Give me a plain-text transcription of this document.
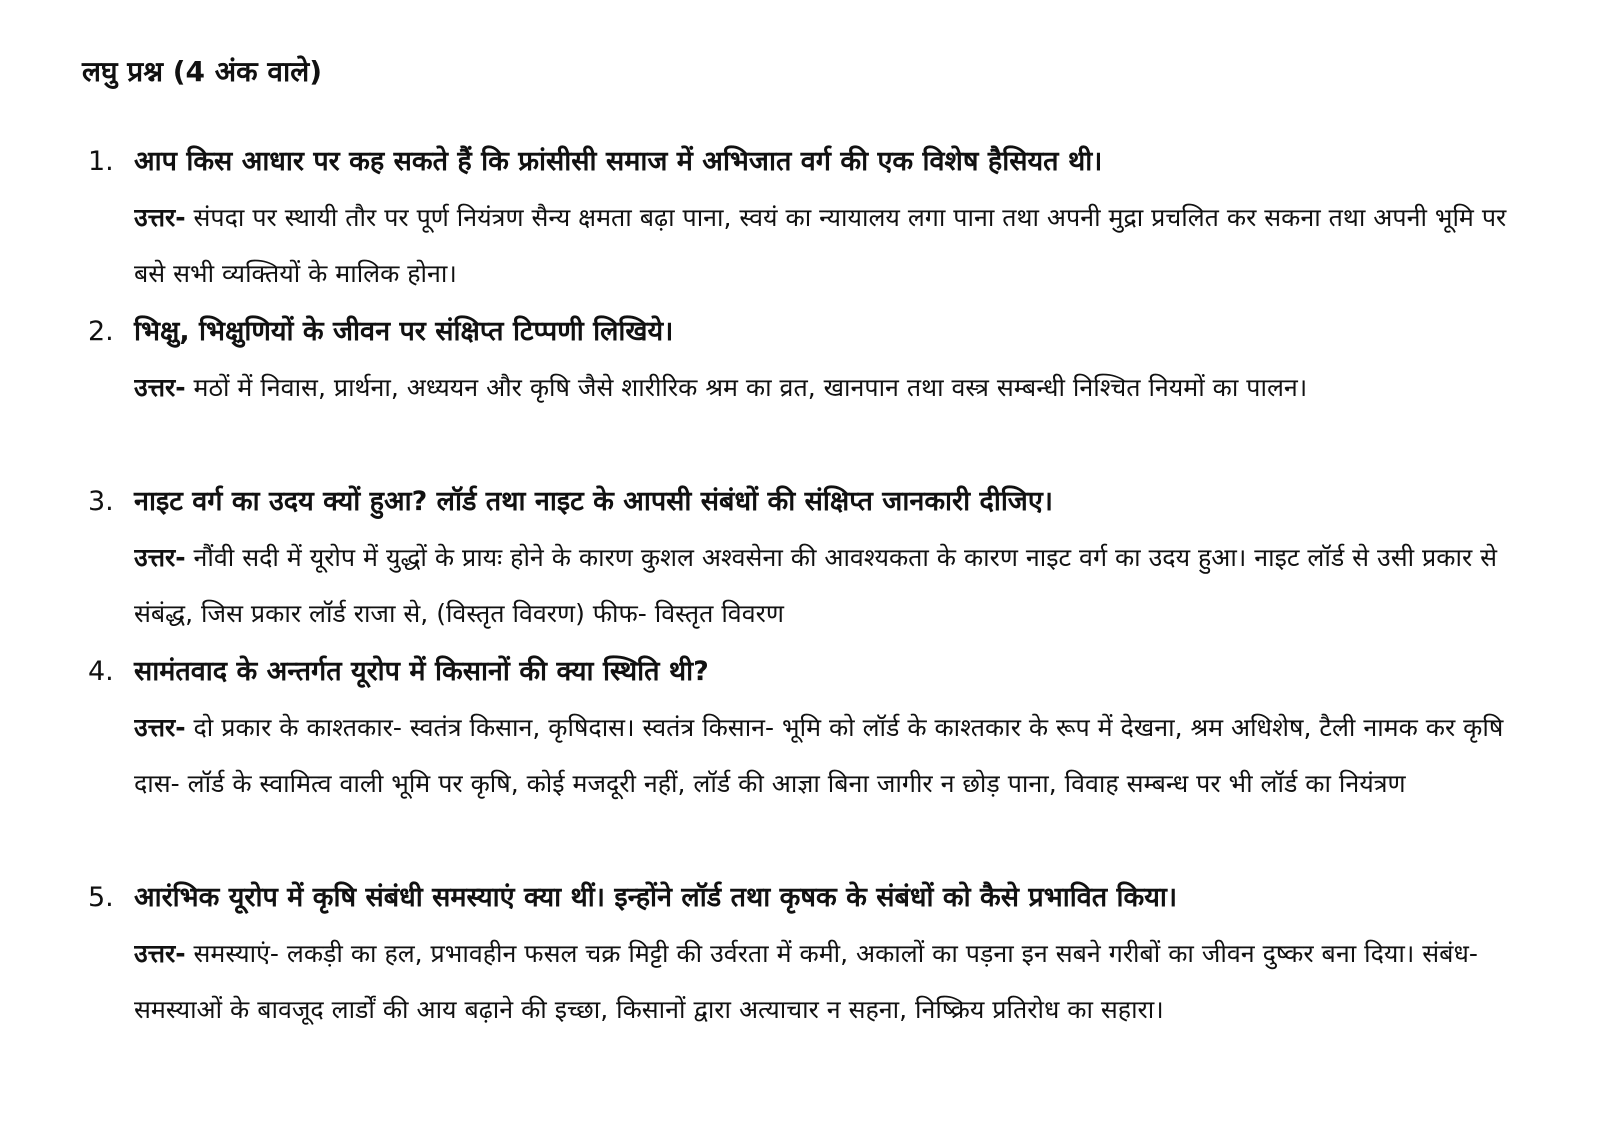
लघु प्रश्न (4 अंक वाले)
1. आप किस आधार पर कह सकते हैं कि फ्रांसीसी समाज में अभिजात वर्ग की एक विशेष हैसियत थी।
उत्तर- संपदा पर स्थायी तौर पर पूर्ण नियंत्रण सैन्य क्षमता बढ़ा पाना, स्वयं का न्यायालय लगा पाना तथा अपनी मुद्रा प्रचलित कर सकना तथा अपनी भूमि पर बसे सभी व्यक्तियों के मालिक होना।
2. भिक्षु, भिक्षुणियों के जीवन पर संक्षिप्त टिप्पणी लिखिये।
उत्तर- मठों में निवास, प्रार्थना, अध्ययन और कृषि जैसे शारीरिक श्रम का व्रत, खानपान तथा वस्त्र सम्बन्धी निश्चित नियमों का पालन।
3. नाइट वर्ग का उदय क्यों हुआ? लॉर्ड तथा नाइट के आपसी संबंधों की संक्षिप्त जानकारी दीजिए।
उत्तर- नौंवी सदी में यूरोप में युद्धों के प्रायः होने के कारण कुशल अश्वसेना की आवश्यकता के कारण नाइट वर्ग का उदय हुआ। नाइट लॉर्ड से उसी प्रकार से संबंद्ध, जिस प्रकार लॉर्ड राजा से, (विस्तृत विवरण) फीफ- विस्तृत विवरण
4. सामंतवाद के अन्तर्गत यूरोप में किसानों की क्या स्थिति थी?
उत्तर- दो प्रकार के काश्तकार- स्वतंत्र किसान, कृषिदास। स्वतंत्र किसान- भूमि को लॉर्ड के काश्तकार के रूप में देखना, श्रम अधिशेष, टैली नामक कर कृषि दास- लॉर्ड के स्वामित्व वाली भूमि पर कृषि, कोई मजदूरी नहीं, लॉर्ड की आज्ञा बिना जागीर न छोड़ पाना, विवाह सम्बन्ध पर भी लॉर्ड का नियंत्रण
5. आरंभिक यूरोप में कृषि संबंधी समस्याएं क्या थीं। इन्होंने लॉर्ड तथा कृषक के संबंधों को कैसे प्रभावित किया।
उत्तर- समस्याएं- लकड़ी का हल, प्रभावहीन फसल चक्र मिट्टी की उर्वरता में कमी, अकालों का पड़ना इन सबने गरीबों का जीवन दुष्कर बना दिया। संबंध- समस्याओं के बावजूद लार्डों की आय बढ़ाने की इच्छा, किसानों द्वारा अत्याचार न सहना, निष्क्रिय प्रतिरोध का सहारा।
